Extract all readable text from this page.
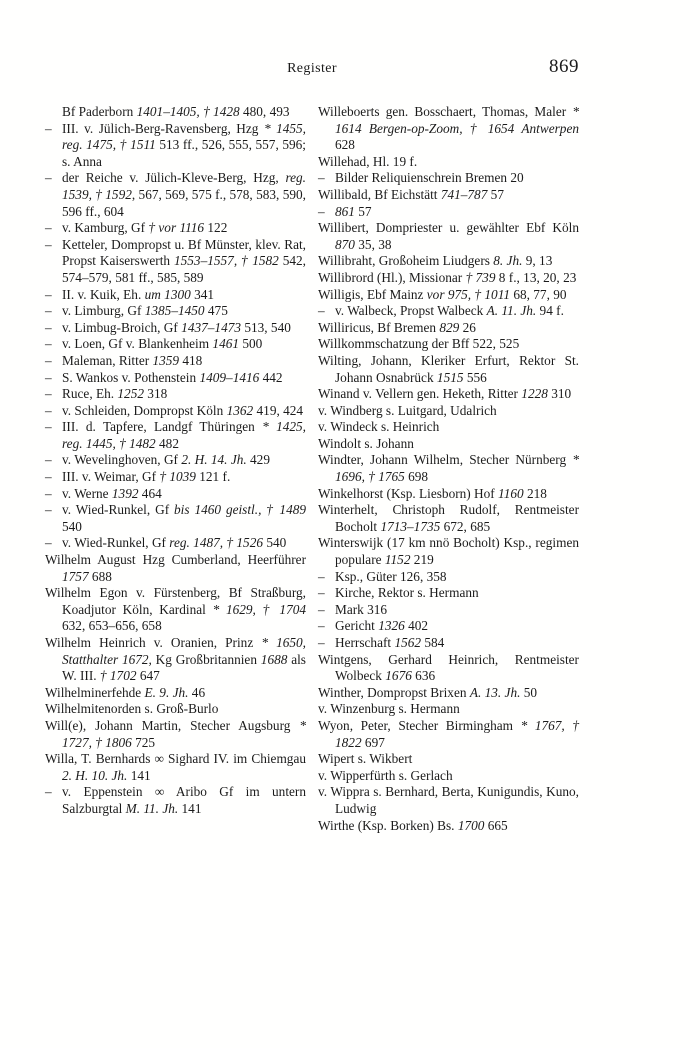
Register	869

Bf Paderborn 1401–1405, † 1428 480, 493

– III. v. Jülich-Berg-Ravensberg, Hzg * 1455, reg. 1475, † 1511 513 ff., 526, 555, 557, 596; s. Anna

– der Reiche v. Jülich-Kleve-Berg, Hzg, reg. 1539, † 1592, 567, 569, 575 f., 578, 583, 590, 596 ff., 604

– v. Kamburg, Gf † vor 1116 122

– Ketteler, Dompropst u. Bf Münster, klev. Rat, Propst Kaiserswerth 1553–1557, † 1582 542, 574–579, 581 ff., 585, 589

– II. v. Kuik, Eh. um 1300 341

– v. Limburg, Gf 1385–1450 475

– v. Limbug-Broich, Gf 1437–1473 513, 540

– v. Loen, Gf v. Blankenheim 1461 500

– Maleman, Ritter 1359 418

– S. Wankos v. Pothenstein 1409–1416 442

– Ruce, Eh. 1252 318

– v. Schleiden, Dompropst Köln 1362 419, 424

– III. d. Tapfere, Landgf Thüringen * 1425, reg. 1445, † 1482 482

– v. Wevelinghoven, Gf 2. H. 14. Jh. 429

– III. v. Weimar, Gf † 1039 121 f.

– v. Werne 1392 464

– v. Wied-Runkel, Gf bis 1460 geistl., † 1489 540

– v. Wied-Runkel, Gf reg. 1487, † 1526 540

Wilhelm August Hzg Cumberland, Heerführer 1757 688

Wilhelm Egon v. Fürstenberg, Bf Straßburg, Koadjutor Köln, Kardinal * 1629, † 1704 632, 653–656, 658

Wilhelm Heinrich v. Oranien, Prinz * 1650, Statthalter 1672, Kg Großbritannien 1688 als W. III. † 1702 647

Wilhelminerfehde E. 9. Jh. 46

Wilhelmitenorden s. Groß-Burlo

Will(e), Johann Martin, Stecher Augsburg * 1727, † 1806 725

Willa, T. Bernhards ∞ Sighard IV. im Chiemgau 2. H. 10. Jh. 141

– v. Eppenstein ∞ Aribo Gf im untern Salzburgtal M. 11. Jh. 141

Willeboerts gen. Bosschaert, Thomas, Maler * 1614 Bergen-op-Zoom, † 1654 Antwerpen 628

Willehad, Hl. 19 f.

– Bilder Reliquienschrein Bremen 20

Willibald, Bf Eichstätt 741–787 57

– 861 57

Willibert, Dompriester u. gewählter Ebf Köln 870 35, 38

Willibraht, Großoheim Liudgers 8. Jh. 9, 13

Willibrord (Hl.), Missionar † 739 8 f., 13, 20, 23

Willigis, Ebf Mainz vor 975, † 1011 68, 77, 90

– v. Walbeck, Propst Walbeck A. 11. Jh. 94 f.

Williricus, Bf Bremen 829 26

Willkommschatzung der Bff 522, 525

Wilting, Johann, Kleriker Erfurt, Rektor St. Johann Osnabrück 1515 556

Winand v. Vellern gen. Heketh, Ritter 1228 310

v. Windberg s. Luitgard, Udalrich

v. Windeck s. Heinrich

Windolt s. Johann

Windter, Johann Wilhelm, Stecher Nürnberg * 1696, † 1765 698

Winkelhorst (Ksp. Liesborn) Hof 1160 218

Winterhelt, Christoph Rudolf, Rentmeister Bocholt 1713–1735 672, 685

Winterswijk (17 km nnö Bocholt) Ksp., regimen populare 1152 219

– Ksp., Güter 126, 358

– Kirche, Rektor s. Hermann

– Mark 316

– Gericht 1326 402

– Herrschaft 1562 584

Wintgens, Gerhard Heinrich, Rentmeister Wolbeck 1676 636

Winther, Dompropst Brixen A. 13. Jh. 50

v. Winzenburg s. Hermann

Wyon, Peter, Stecher Birmingham * 1767, † 1822 697

Wipert s. Wikbert

v. Wipperfürth s. Gerlach

v. Wippra s. Bernhard, Berta, Kunigundis, Kuno, Ludwig

Wirthe (Ksp. Borken) Bs. 1700 665
